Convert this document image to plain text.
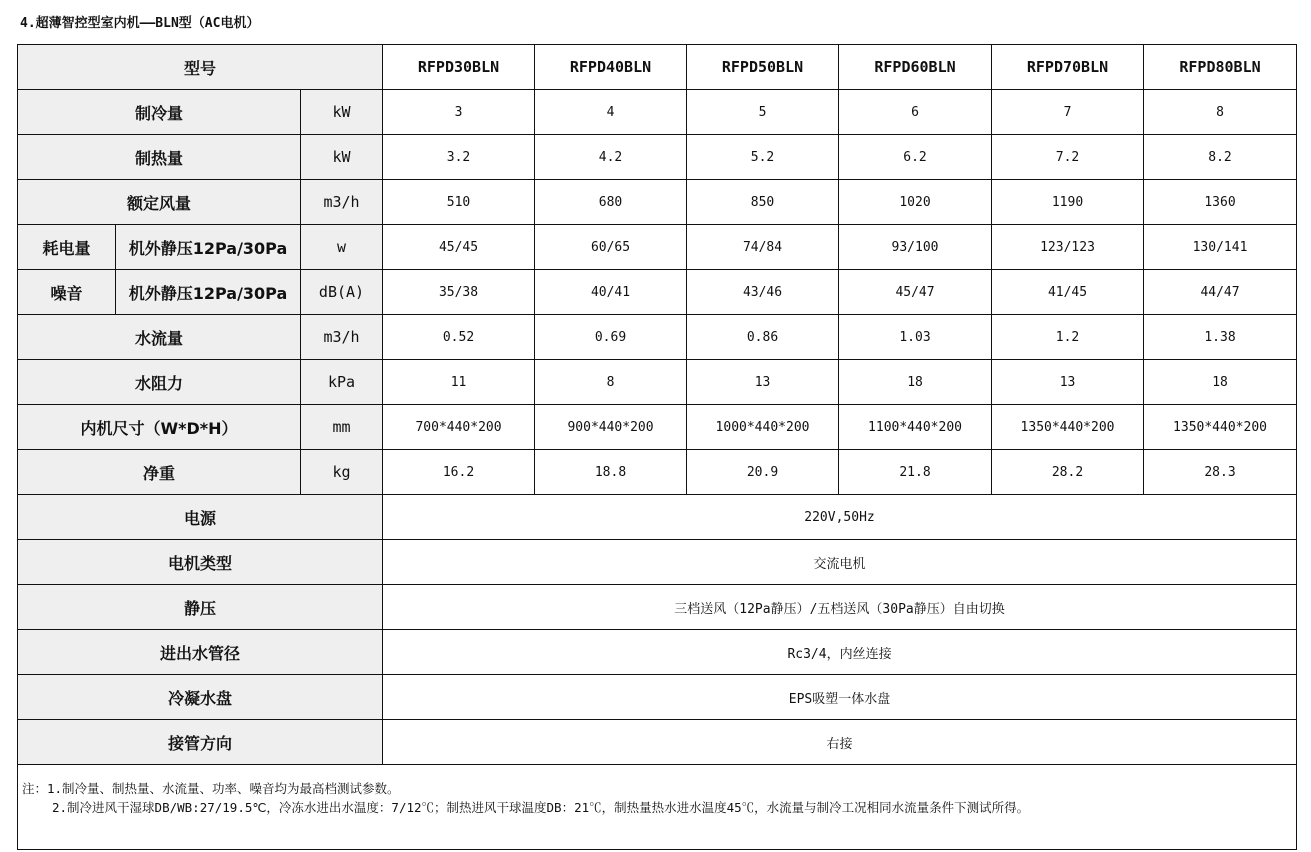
4.超薄智控型室内机——BLN型（AC电机）
型号			RFPD30BLN	RFPD40BLN	RFPD50BLN	RFPD60BLN	RFPD70BLN	RFPD80BLN
制冷量		kW	3	4	5	6	7	8
制热量		kW	3.2	4.2	5.2	6.2	7.2	8.2
额定风量		m3/h	510	680	850	1020	1190	1360
耗电量	机外静压12Pa/30Pa	w	45/45	60/65	74/84	93/100	123/123	130/141
噪音	机外静压12Pa/30Pa	dB(A)	35/38	40/41	43/46	45/47	41/45	44/47
水流量		m3/h	0.52	0.69	0.86	1.03	1.2	1.38
水阻力		kPa	11	8	13	18	13	18
内机尺寸（W*D*H）		mm	700*440*200	900*440*200	1000*440*200	1100*440*200	1350*440*200	1350*440*200
净重		kg	16.2	18.8	20.9	21.8	28.2	28.3
电源			220V,50Hz					
电机类型			交流电机					
静压			三档送风（12Pa静压）/五档送风（30Pa静压）自由切换					
进出水管径			Rc3/4，内丝连接					
冷凝水盘			EPS吸塑一体水盘					
接管方向			右接					

注：1.制冷量、制热量、水流量、功率、噪音均为最高档测试参数。
2.制冷进风干湿球DB/WB:27/19.5℃，冷冻水进出水温度：7/12℃；制热进风干球温度DB：21℃，制热量热水进水温度45℃，水流量与制冷工况相同水流量条件下测试所得。								
